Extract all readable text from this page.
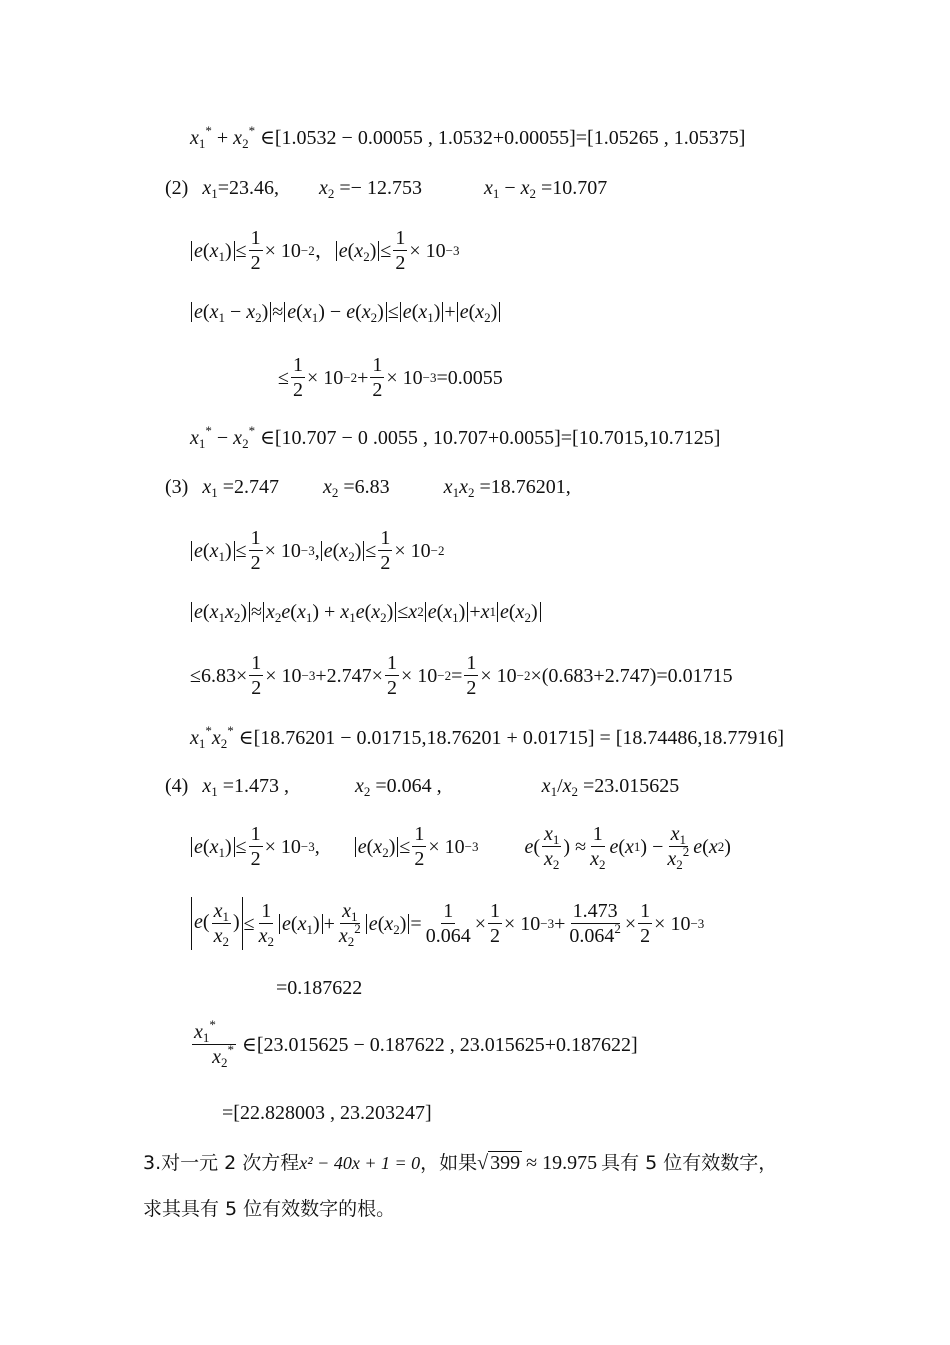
$x_1^* + x_2^*$ ∈ [1.0532 − 0.00055 , 1.0532+0.00055]=[1.05265 , 1.05375]
(2) $x_1= 23.46$ , $x_2$ = − 12.753	$x_1 - x_2 = 10.707$
$e(x_1) \le \frac{1}{2} \times 10 -2$ ， $e(x_2) \le \frac{1}{2} \times 10 -3$
$e(x_1 - x_2) \approx e(x_1) - e(x_2) \le e(x_1) + e(x_2)$
≤ $\frac{1}{2} \times 10 -2 + \frac{1}{2} \times 10 -3 =0.0055$
$x_1^* - x_2^*$ ∈ [10.707 − 0 .0055 , 10.707+0.0055]=[10.7015,10.7125]
(3) $x_1 = 2.747$ $x_2 = 6.83$	$x_1x_2 = 18.76201$,
$e(x_1) \le \frac{1}{2} \times 10 -3$ , $e(x_2) \le \frac{1}{2} \times 10 -2$
$e(x_1x_2) \approx x_2e(x_1) + x_1e(x_2) \le x$ 2 $e(x_1) + x$ 1 $e(x_2)$
≤ $6.83 \times \frac{1}{2} \times 10 -3 + 2.747 \times \frac{1}{2} \times 10 -2 = \frac{1}{2} \times 10 -2 \times (0.683+2.747)=0.01715$
$x_1^*x_2^*$ ∈ [18.76201 − 0.01715,18.76201 + 0.01715] = [18.74486,18.77916]
(4) $x_1 = 1.473$ ,	$x_2 = 0.064$ ,	$x_1/x_2 = 23.015625$
$e(x_1) \le \frac{1}{2} \times 10 -3$ , $e(x_2) \le \frac{1}{2} \times 10 -3$ e ( $\frac{x_1}{x_2}$ ) ≈ $\frac{1}{x_2}$ e ( x 1 ) − $\frac{x_1}{x_2^2}$ e ( x 2 )
$e( \frac{x_1}{x_2}$ ) ≤ $\frac{1}{x_2} e(x_1) + \frac{x_1}{x_2^2} e(x_2) = \frac{1}{0.064} \times \frac{1}{2} \times 10 -3 + \frac{1.473}{0.064^2} \times \frac{1}{2} \times 10 -3$
=0.187622
$\frac{x_1^*}{x_2^*}$ ∈ [23.015625 − 0.187622 , 23.015625+0.187622]
=[22.828003 , 23.203247]
3.对一元 2 次方程 x² − 40x + 1 = 0 ，如果 √ 399 ≈ 19.975 具有 5 位有效数字，
求其具有 5 位有效数字的根。
